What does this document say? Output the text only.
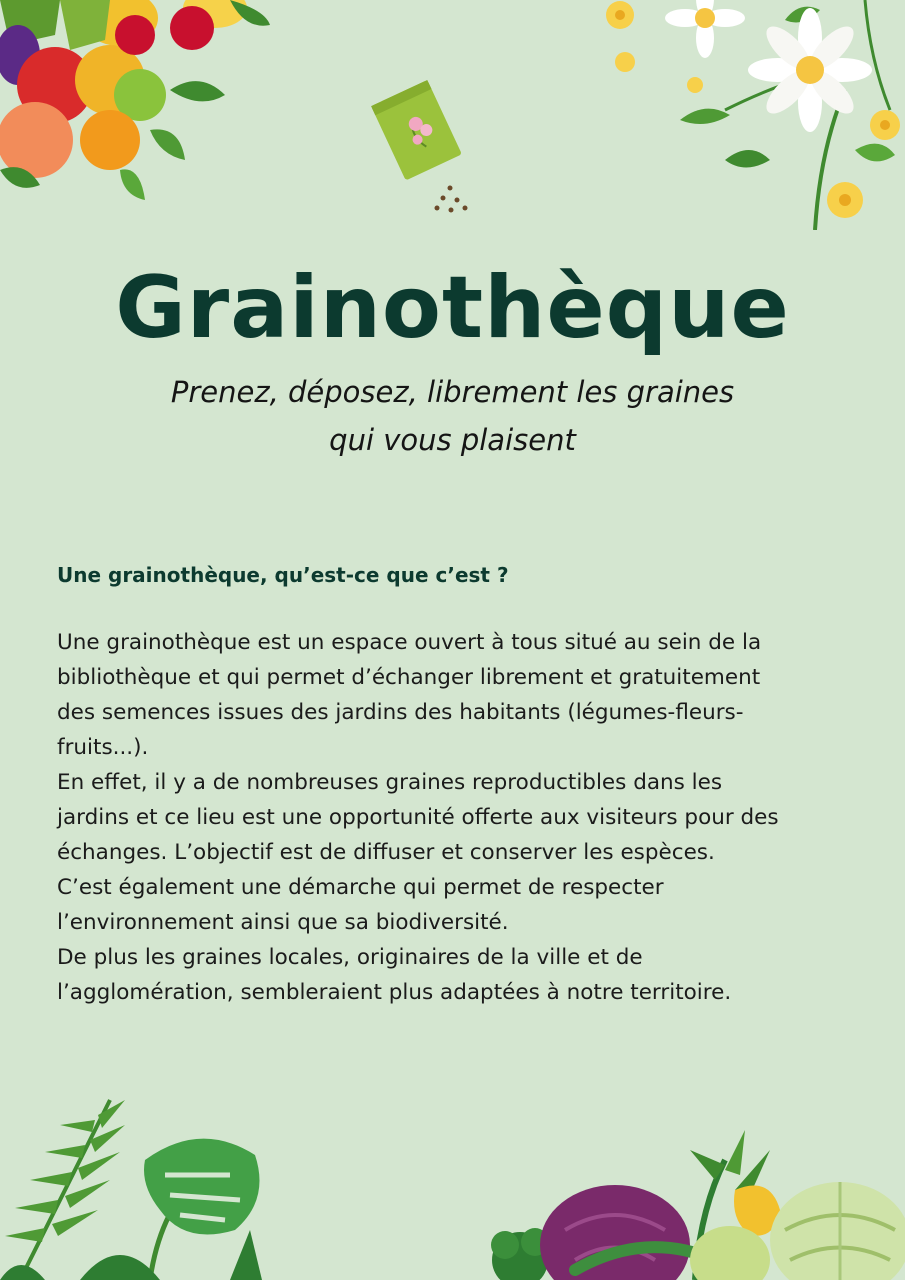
Grainothèque

Prenez, déposez, librement les graines
qui vous plaisent

Une grainothèque, qu’est-ce que c’est ?
Une grainothèque est un espace ouvert à tous situé au sein de la
bibliothèque et qui permet d’échanger librement et gratuitement
des semences issues des jardins des habitants (légumes-fleurs-
fruits...).
En effet, il y a de nombreuses graines reproductibles dans les
jardins et ce lieu est une opportunité offerte aux visiteurs pour des
échanges. L’objectif est de diffuser et conserver les espèces.
C’est également une démarche qui permet de respecter
l’environnement ainsi que sa biodiversité.
De plus les graines locales, originaires de la ville et de
l’agglomération, sembleraient plus adaptées à notre territoire.
